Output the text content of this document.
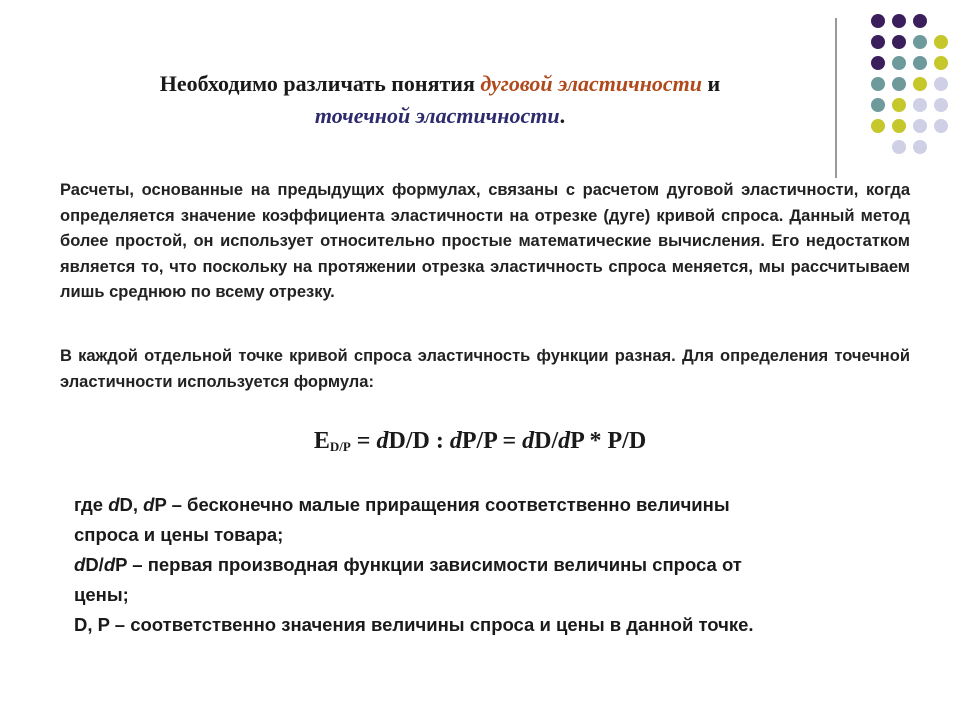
Необходимо различать понятия дуговой эластичности и
точечной эластичности.
Расчеты, основанные на предыдущих формулах, связаны с расчетом дуговой эластичности, когда определяется значение коэффициента эластичности на отрезке (дуге) кривой спроса. Данный метод более простой, он использует относительно простые математические вычисления. Его недостатком является то, что поскольку на протяжении отрезка эластичность спроса меняется, мы рассчитываем лишь среднюю по всему отрезку.
В каждой отдельной точке кривой спроса эластичность функции разная. Для определения точечной эластичности используется формула:
$E_{D/P} = dD/D$ : dP/P = dD/dP * P/D
где dD, dP – бесконечно малые приращения соответственно величины
спроса и цены товара;
dD/dP – первая производная функции зависимости величины спроса от
цены;
D, P – соответственно значения величины спроса и цены в данной точке.
